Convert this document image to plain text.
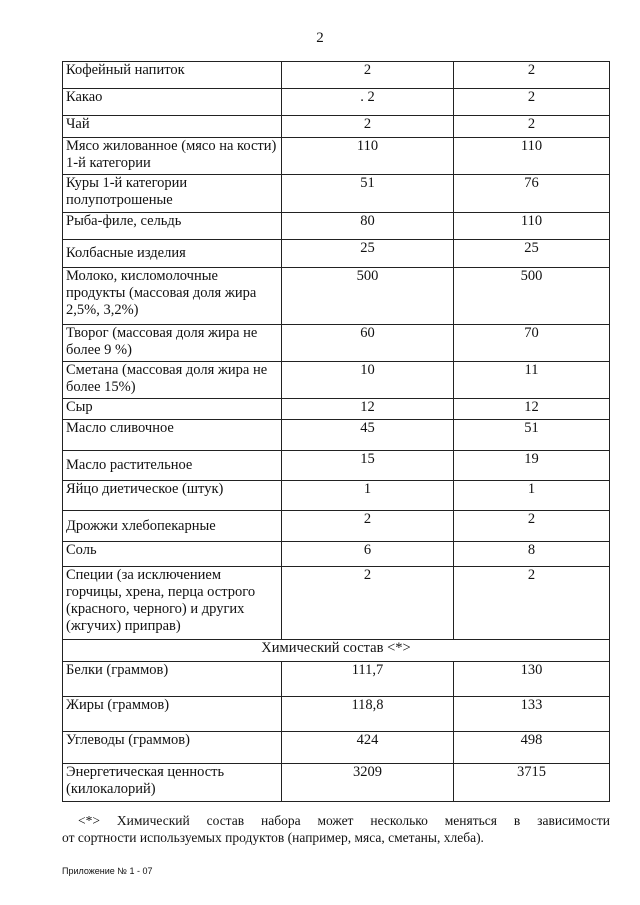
2
Кофейный напиток	2	2
Какао	. 2	2
Чай	2	2
Мясо жилованное (мясо на кости) 1-й категории	110	110
Куры 1-й категории полупотрошеные	51	76
Рыба-филе, сельдь	80	110
Колбасные изделия	25	25
Молоко, кисломолочные продукты (массовая доля жира 2,5%, 3,2%)	500	500
Творог (массовая доля жира не более 9 %)	60	70
Сметана (массовая доля жира не более 15%)	10	11
Сыр	12	12
Масло сливочное	45	51
Масло растительное	15	19
Яйцо диетическое (штук)	1	1
Дрожжи хлебопекарные	2	2
Соль	6	8
Специи (за исключением горчицы, хрена, перца острого (красного, черного) и других (жгучих) приправ)	2	2
Химический состав <*>		
Белки (граммов)	111,7	130
Жиры (граммов)	118,8	133
Углеводы (граммов)	424	498
Энергетическая ценность (килокалорий)	3209	3715
<*> Химический состав набора может несколько меняться в зависимости
от сортности используемых продуктов (например, мяса, сметаны, хлеба).
Приложение № 1 - 07
